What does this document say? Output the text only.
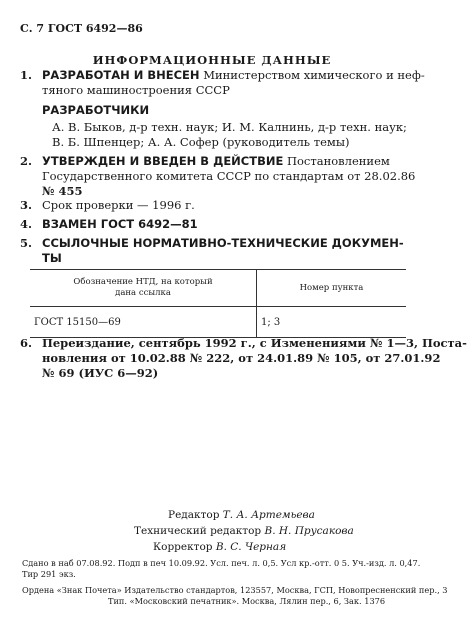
С. 7 ГОСТ 6492—86
ИНФОРМАЦИОННЫЕ ДАННЫЕ
1. РАЗРАБОТАН И ВНЕСЕН Министерством химического и неф-
тяного машиностроения СССР
РАЗРАБОТЧИКИ
А. В. Быков, д-р техн. наук; И. М. Калнинь, д-р техн. наук;
В. Б. Шпенцер; А. А. Софер (руководитель темы)
2. УТВЕРЖДЕН И ВВЕДЕН В ДЕЙСТВИЕ Постановлением
Государственного комитета СССР по стандартам от 28.02.86
№ 455
3. Срок проверки — 1996 г.
4. ВЗАМЕН ГОСТ 6492—81
5. ССЫЛОЧНЫЕ НОРМАТИВНО-ТЕХНИЧЕСКИЕ ДОКУМЕН-
ТЫ
Обозначение НТД, на который
дана ссылка	Номер пункта
ГОСТ 15150—69	1; 3
6. Переиздание, сентябрь 1992 г., с Изменениями № 1—3, Поста-
новления от 10.02.88 № 222, от 24.01.89 № 105, от 27.01.92
№ 69 (ИУС 6—92)
Редактор Т. А. Артемьева
Технический редактор В. Н. Прусакова
Корректор В. С. Черная
Сдано в наб 07.08.92. Подп в печ 10.09.92. Усл. печ. л. 0,5. Усл кр.-отт. 0 5. Уч.-изд. л. 0,47.
Тир 291 экз.
Ордена «Знак Почета» Издательство стандартов, 123557, Москва, ГСП, Новопресненский пер., 3
Тип. «Московский печатник». Москва, Лялин пер., 6, Зак. 1376
